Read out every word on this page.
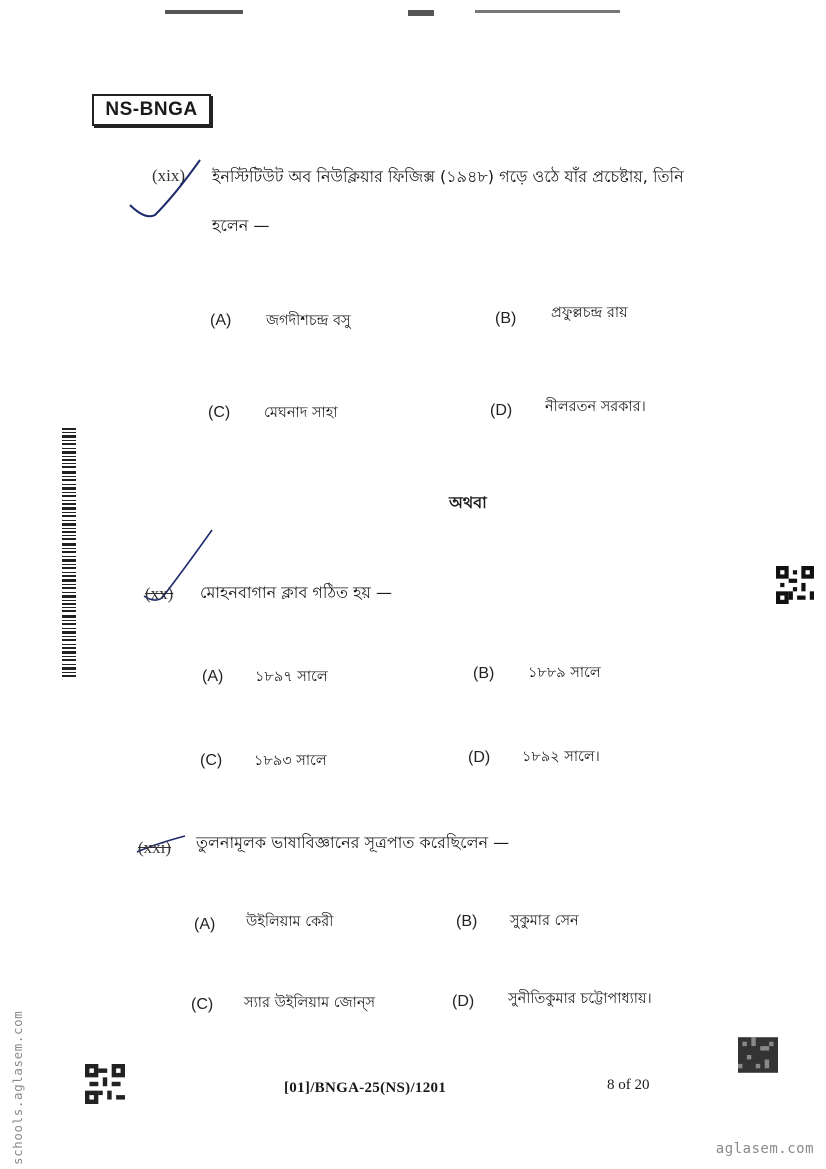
NS-BNGA
(xix) ইনস্টিটিউট অব নিউক্লিয়ার ফিজিক্স (১৯৪৮) গড়ে ওঠে যাঁর প্রচেষ্টায়, তিনি
হলেন —
(A) জগদীশচন্দ্র বসু	(B) প্রফুল্লচন্দ্র রায়
(C) মেঘনাদ সাহা	(D) নীলরতন সরকার।
অথবা
(xx) মোহনবাগান ক্লাব গঠিত হয় —
(A) ১৮৯৭ সালে	(B) ১৮৮৯ সালে
(C) ১৮৯৩ সালে	(D) ১৮৯২ সালে।
(xxi) তুলনামূলক ভাষাবিজ্ঞানের সূত্রপাত করেছিলেন —
(A) উইলিয়াম কেরী	(B) সুকুমার সেন
(C) স্যার উইলিয়াম জোন্‌স	(D) সুনীতিকুমার চট্টোপাধ্যায়।
[01]/BNGA-25(NS)/1201	8 of 20
schools.aglasem.com	aglasem.com
